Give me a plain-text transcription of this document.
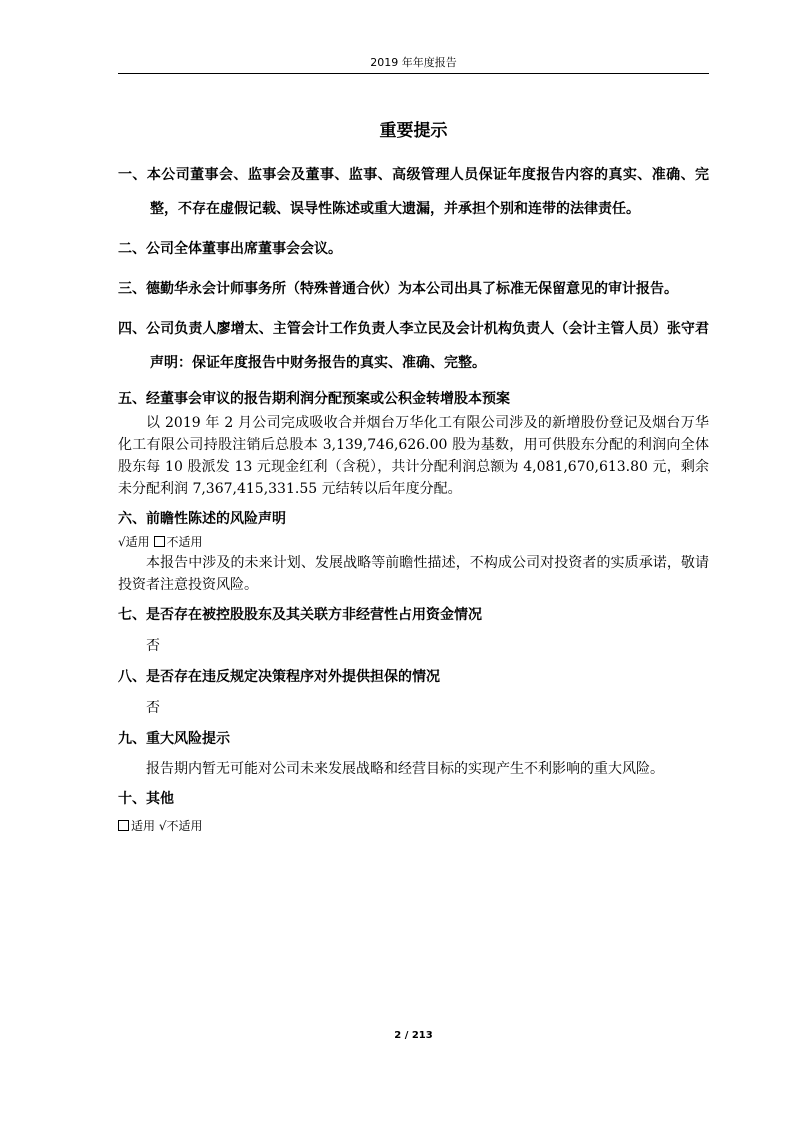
2019 年年度报告
重要提示

一、本公司董事会、监事会及董事、监事、高级管理人员保证年度报告内容的真实、准确、完整，不存在虚假记载、误导性陈述或重大遗漏，并承担个别和连带的法律责任。

二、公司全体董事出席董事会会议。

三、德勤华永会计师事务所（特殊普通合伙）为本公司出具了标准无保留意见的审计报告。

四、公司负责人廖增太、主管会计工作负责人李立民及会计机构负责人（会计主管人员）张守君声明：保证年度报告中财务报告的真实、准确、完整。

五、经董事会审议的报告期利润分配预案或公积金转增股本预案

以 2019 年 2 月公司完成吸收合并烟台万华化工有限公司涉及的新增股份登记及烟台万华化工有限公司持股注销后总股本 3,139,746,626.00 股为基数，用可供股东分配的利润向全体股东每 10 股派发 13 元现金红利（含税），共计分配利润总额为 4,081,670,613.80 元，剩余未分配利润 7,367,415,331.55 元结转以后年度分配。

六、前瞻性陈述的风险声明

√适用 不适用

本报告中涉及的未来计划、发展战略等前瞻性描述，不构成公司对投资者的实质承诺，敬请投资者注意投资风险。

七、是否存在被控股股东及其关联方非经营性占用资金情况

否

八、是否存在违反规定决策程序对外提供担保的情况

否

九、重大风险提示

报告期内暂无可能对公司未来发展战略和经营目标的实现产生不利影响的重大风险。

十、其他

适用 √不适用

2 / 213
